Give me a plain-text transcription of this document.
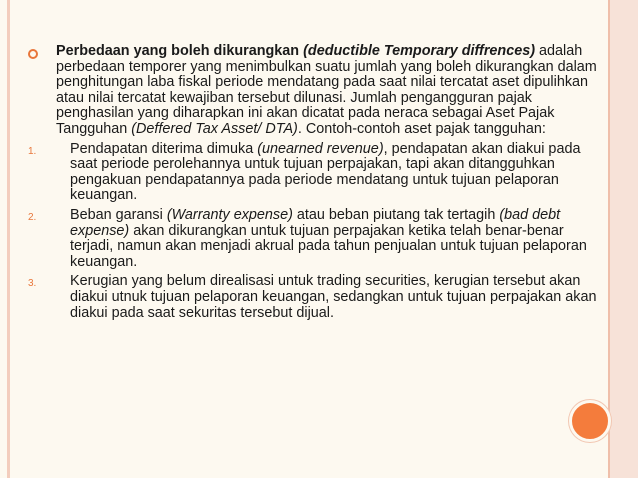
Perbedaan yang boleh dikurangkan (deductible Temporary diffrences) adalah perbedaan temporer yang menimbulkan suatu jumlah yang boleh dikurangkan dalam penghitungan laba fiskal periode mendatang pada saat nilai tercatat aset dipulihkan atau nilai tercatat kewajiban tersebut dilunasi. Jumlah pengangguran pajak penghasilan yang diharapkan ini akan dicatat pada neraca sebagai Aset Pajak Tangguhan (Deffered Tax Asset/ DTA). Contoh-contoh aset pajak tangguhan:

1. Pendapatan diterima dimuka (unearned revenue), pendapatan akan diakui pada saat periode perolehannya untuk tujuan perpajakan, tapi akan ditangguhkan pengakuan pendapatannya pada periode mendatang untuk tujuan pelaporan keuangan.
2. Beban garansi (Warranty expense) atau beban piutang tak tertagih (bad debt expense) akan dikurangkan untuk tujuan perpajakan ketika telah benar-benar terjadi, namun akan menjadi akrual pada tahun penjualan untuk tujuan pelaporan keuangan.
3. Kerugian yang belum direalisasi untuk trading securities, kerugian tersebut akan diakui utnuk tujuan pelaporan keuangan, sedangkan untuk tujuan perpajakan akan diakui pada saat sekuritas tersebut dijual.
